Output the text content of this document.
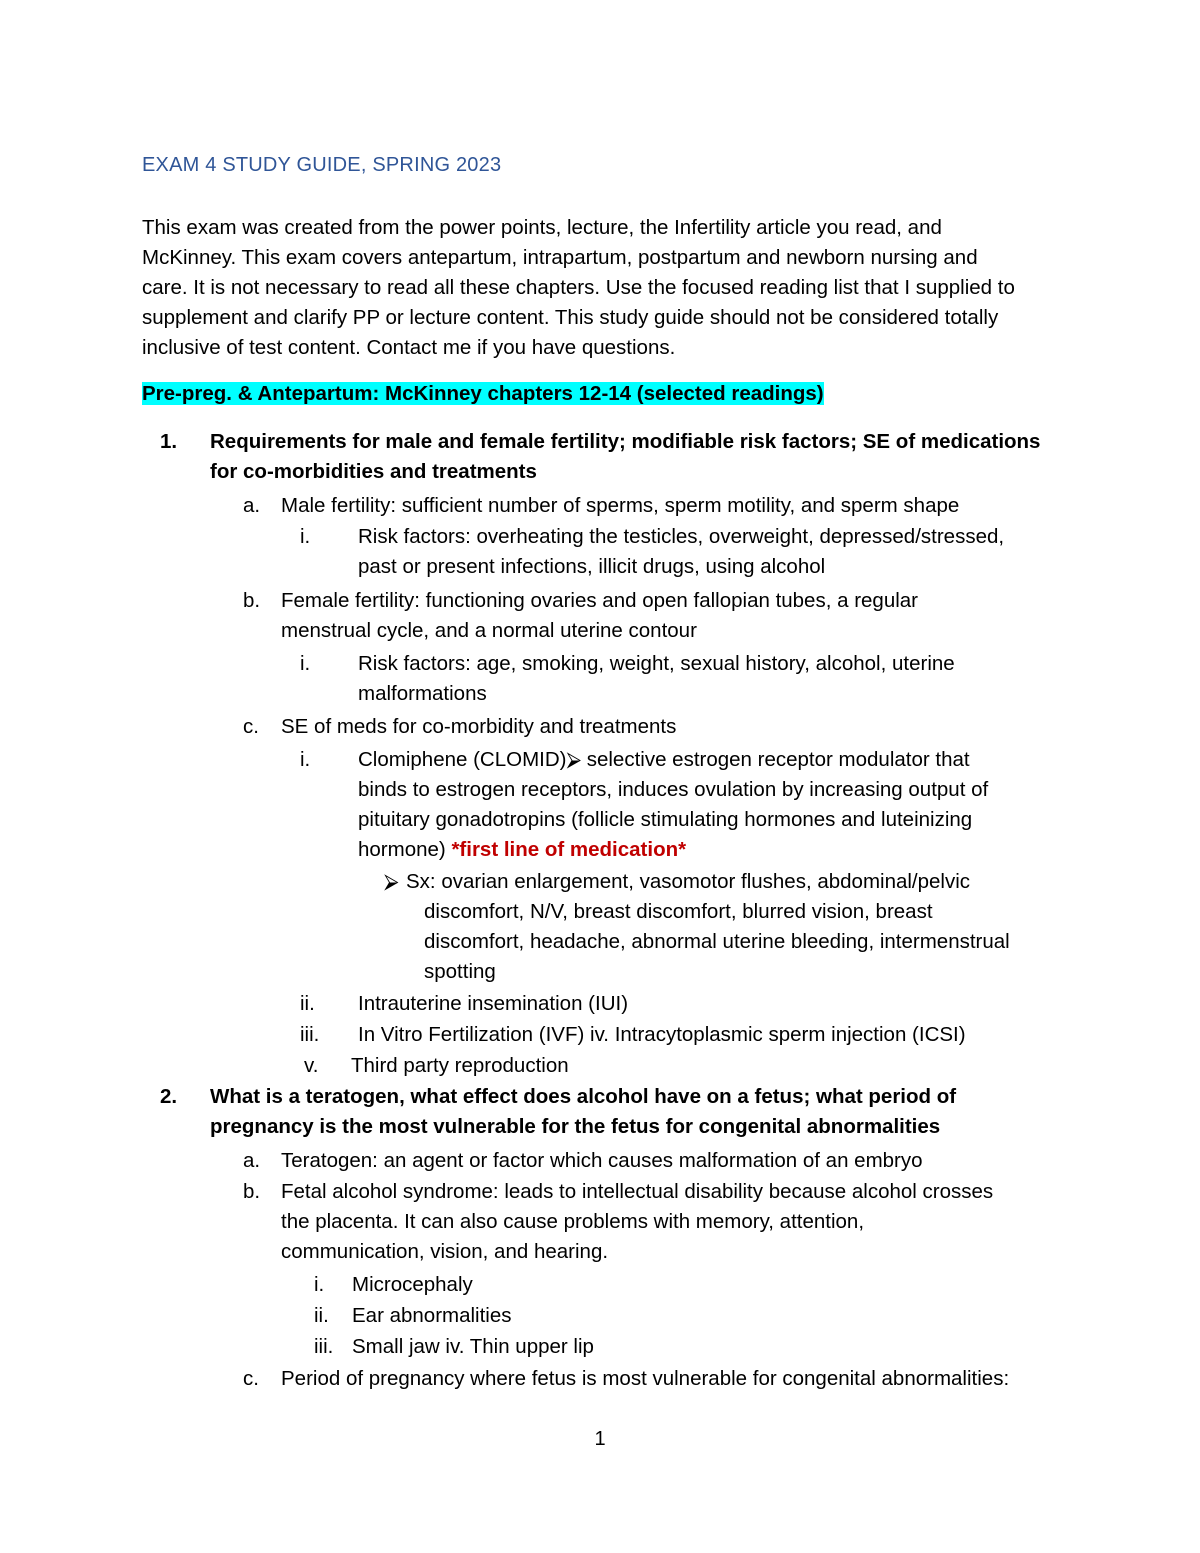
EXAM 4 STUDY GUIDE, SPRING 2023
This exam was created from the power points, lecture, the Infertility article you read, and
McKinney. This exam covers antepartum, intrapartum, postpartum and newborn nursing and
care. It is not necessary to read all these chapters. Use the focused reading list that I supplied to
supplement and clarify PP or lecture content. This study guide should not be considered totally
inclusive of test content. Contact me if you have questions.
Pre-preg. & Antepartum: McKinney chapters 12-14 (selected readings)
1. Requirements for male and female fertility; modifiable risk factors; SE of medications
for co-morbidities and treatments
a. Male fertility: sufficient number of sperms, sperm motility, and sperm shape
i. Risk factors: overheating the testicles, overweight, depressed/stressed,
past or present infections, illicit drugs, using alcohol
b. Female fertility: functioning ovaries and open fallopian tubes, a regular
menstrual cycle, and a normal uterine contour
i. Risk factors: age, smoking, weight, sexual history, alcohol, uterine
malformations
c. SE of meds for co-morbidity and treatments
i. Clomiphene (CLOMID)⮚ selective estrogen receptor modulator that
binds to estrogen receptors, induces ovulation by increasing output of
pituitary gonadotropins (follicle stimulating hormones and luteinizing
hormone) *first line of medication*
⮚ Sx: ovarian enlargement, vasomotor flushes, abdominal/pelvic
discomfort, N/V, breast discomfort, blurred vision, breast
discomfort, headache, abnormal uterine bleeding, intermenstrual
spotting
ii. Intrauterine insemination (IUI)
iii. In Vitro Fertilization (IVF) iv. Intracytoplasmic sperm injection (ICSI)
v. Third party reproduction
2. What is a teratogen, what effect does alcohol have on a fetus; what period of
pregnancy is the most vulnerable for the fetus for congenital abnormalities
a. Teratogen: an agent or factor which causes malformation of an embryo
b. Fetal alcohol syndrome: leads to intellectual disability because alcohol crosses
the placenta. It can also cause problems with memory, attention,
communication, vision, and hearing.
i. Microcephaly
ii. Ear abnormalities
iii. Small jaw iv. Thin upper lip
c. Period of pregnancy where fetus is most vulnerable for congenital abnormalities:
1
